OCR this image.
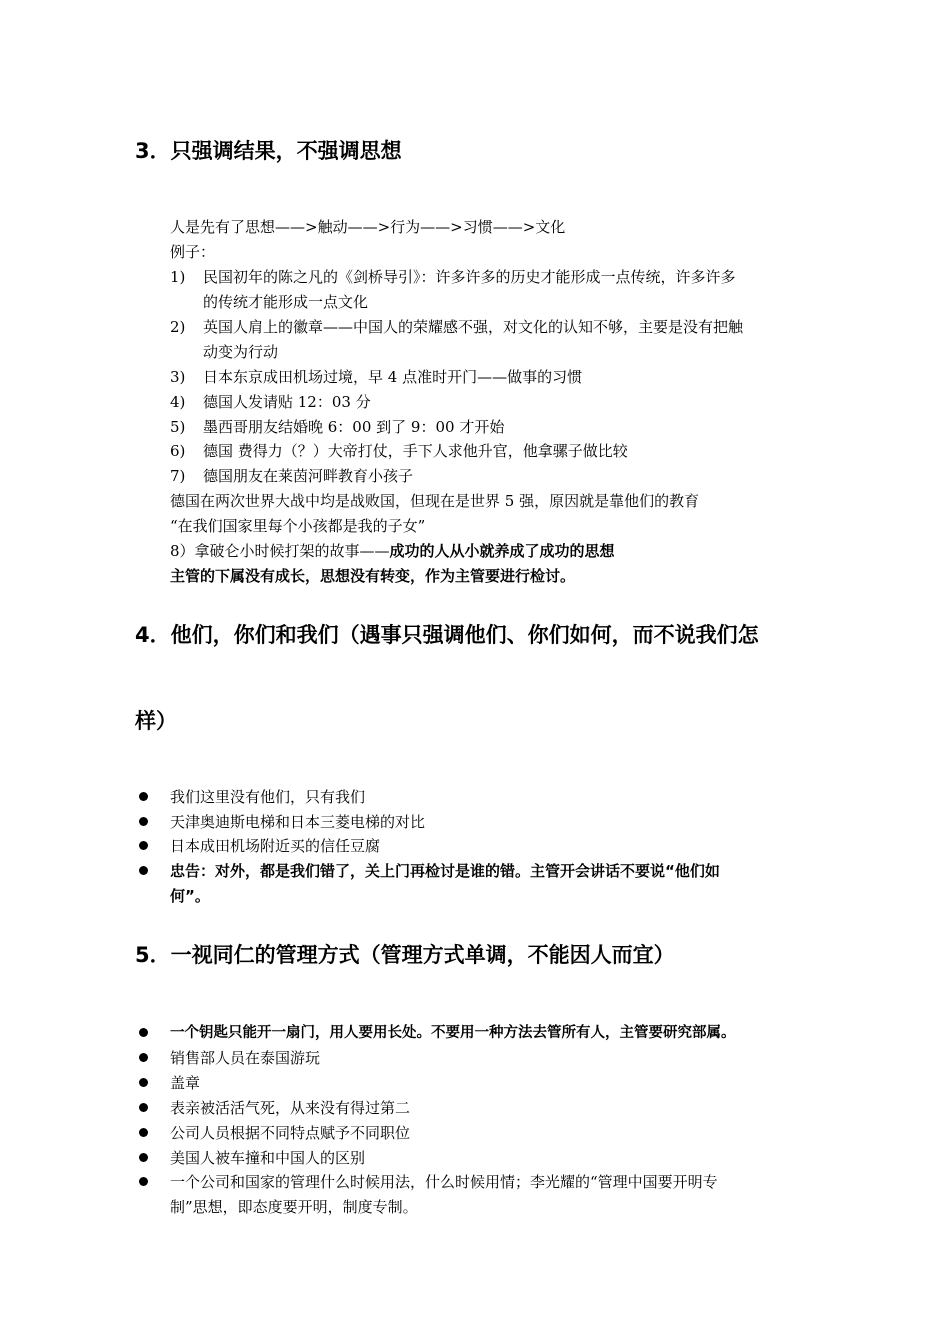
3．只强调结果，不强调思想
人是先有了思想——>触动——>行为——>习惯——>文化
例子：
1) 民国初年的陈之凡的《剑桥导引》：许多许多的历史才能形成一点传统，许多许多
的传统才能形成一点文化
2) 英国人肩上的徽章——中国人的荣耀感不强，对文化的认知不够，主要是没有把触
动变为行动
3) 日本东京成田机场过境，早 4 点准时开门——做事的习惯
4) 德国人发请贴 12：03 分
5) 墨西哥朋友结婚晚 6：00 到了 9：00 才开始
6) 德国 费得力（？）大帝打仗，手下人求他升官，他拿骡子做比较
7) 德国朋友在莱茵河畔教育小孩子
德国在两次世界大战中均是战败国，但现在是世界 5 强，原因就是靠他们的教育
“在我们国家里每个小孩都是我的子女”
8）拿破仑小时候打架的故事——成功的人从小就养成了成功的思想
主管的下属没有成长，思想没有转变，作为主管要进行检讨。
4．他们，你们和我们（遇事只强调他们、你们如何，而不说我们怎
样）
我们这里没有他们，只有我们
天津奥迪斯电梯和日本三菱电梯的对比
日本成田机场附近买的信任豆腐
忠告：对外，都是我们错了，关上门再检讨是谁的错。主管开会讲话不要说“他们如
何”。
5．一视同仁的管理方式（管理方式单调，不能因人而宜）
一个钥匙只能开一扇门，用人要用长处。不要用一种方法去管所有人，主管要研究部属。
销售部人员在泰国游玩
盖章
表亲被活活气死，从来没有得过第二
公司人员根据不同特点赋予不同职位
美国人被车撞和中国人的区别
一个公司和国家的管理什么时候用法，什么时候用情；李光耀的“管理中国要开明专
制”思想，即态度要开明，制度专制。
